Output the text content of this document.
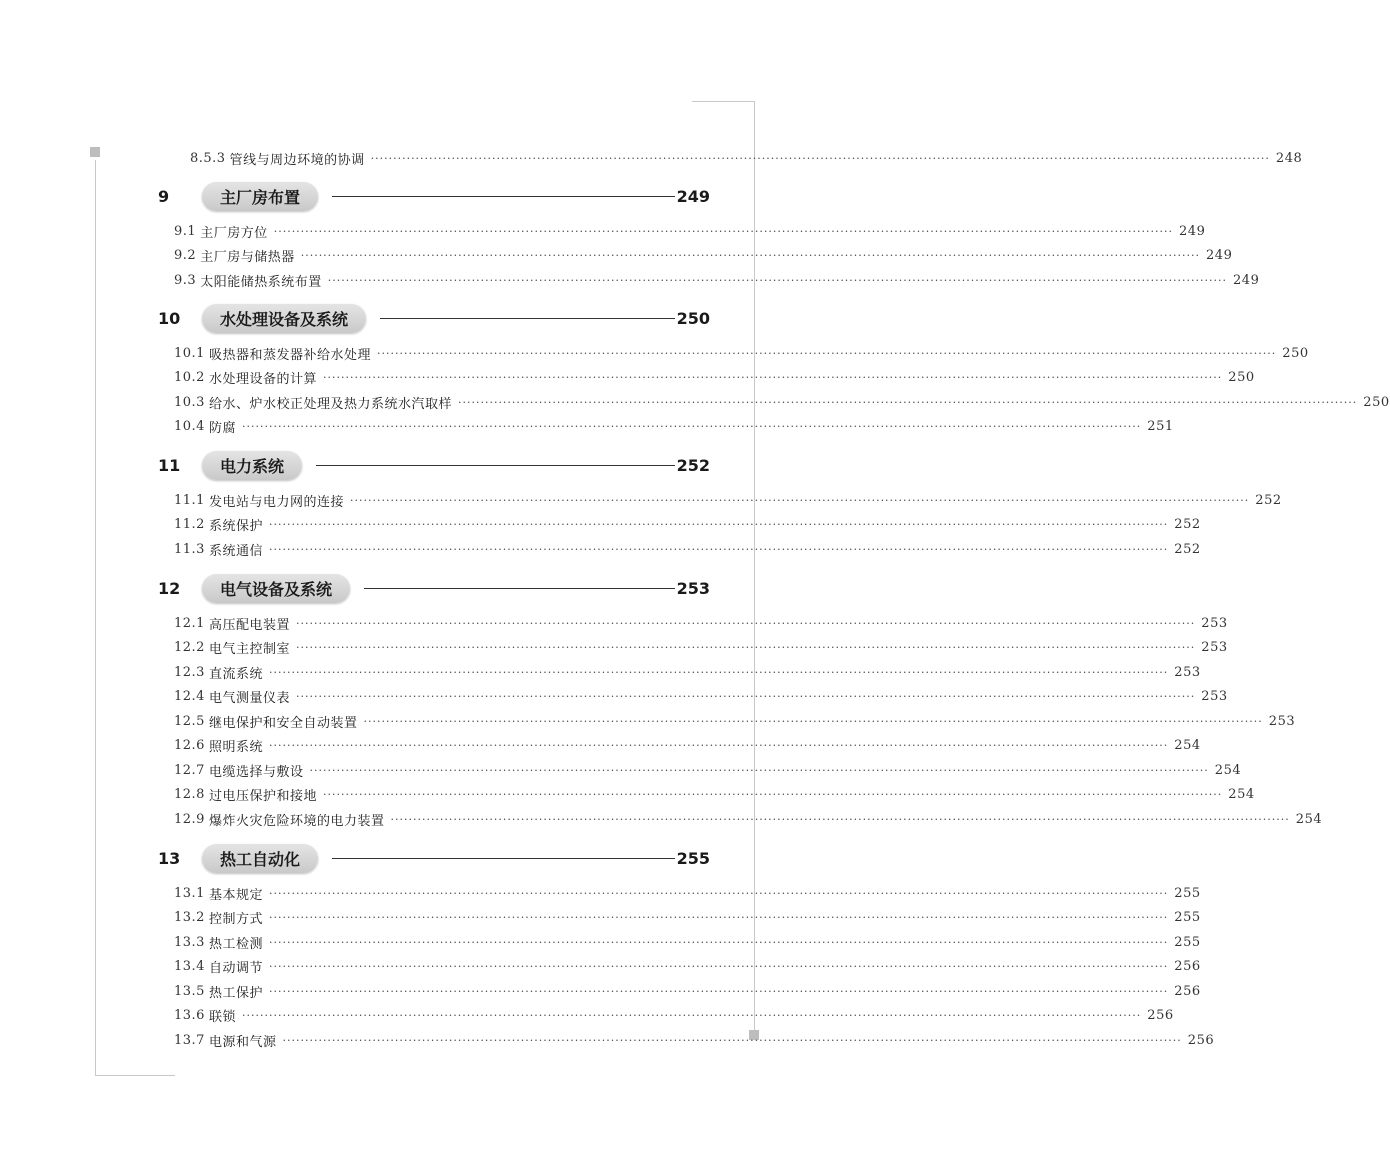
8.5.3 管线与周边环境的协调 ········································································································································································································ 248
9	主厂房布置	249
9.1 主厂房方位 ········································································································································································································ 249
9.2 主厂房与储热器 ········································································································································································································ 249
9.3 太阳能储热系统布置 ········································································································································································································ 249
10	水处理设备及系统	250
10.1 吸热器和蒸发器补给水处理 ········································································································································································································ 250
10.2 水处理设备的计算 ········································································································································································································ 250
10.3 给水、炉水校正处理及热力系统水汽取样 ········································································································································································································ 250
10.4 防腐 ········································································································································································································ 251
11	电力系统	252
11.1 发电站与电力网的连接 ········································································································································································································ 252
11.2 系统保护 ········································································································································································································ 252
11.3 系统通信 ········································································································································································································ 252
12	电气设备及系统	253
12.1 高压配电装置 ········································································································································································································ 253
12.2 电气主控制室 ········································································································································································································ 253
12.3 直流系统 ········································································································································································································ 253
12.4 电气测量仪表 ········································································································································································································ 253
12.5 继电保护和安全自动装置 ········································································································································································································ 253
12.6 照明系统 ········································································································································································································ 254
12.7 电缆选择与敷设 ········································································································································································································ 254
12.8 过电压保护和接地 ········································································································································································································ 254
12.9 爆炸火灾危险环境的电力装置 ········································································································································································································ 254
13	热工自动化	255
13.1 基本规定 ········································································································································································································ 255
13.2 控制方式 ········································································································································································································ 255
13.3 热工检测 ········································································································································································································ 255
13.4 自动调节 ········································································································································································································ 256
13.5 热工保护 ········································································································································································································ 256
13.6 联锁 ········································································································································································································ 256
13.7 电源和气源 ········································································································································································································ 256
